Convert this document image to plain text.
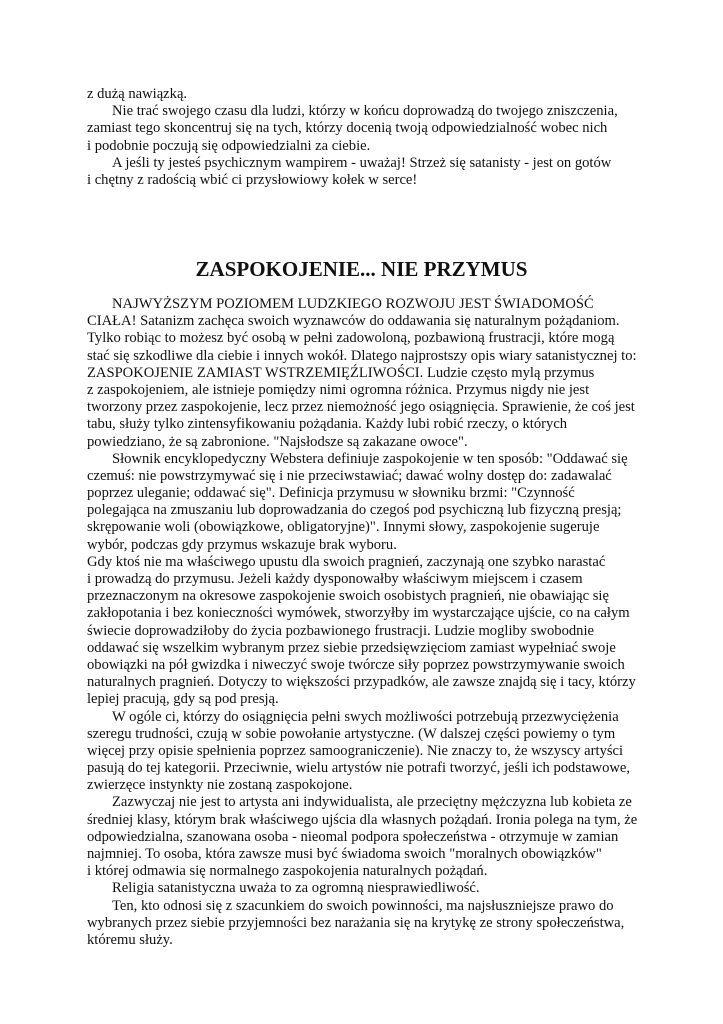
z dużą nawiązką.
Nie trać swojego czasu dla ludzi, którzy w końcu doprowadzą do twojego zniszczenia,
zamiast tego skoncentruj się na tych, którzy docenią twoją odpowiedzialność wobec nich
i podobnie poczują się odpowiedzialni za ciebie.
A jeśli ty jesteś psychicznym wampirem - uważaj! Strzeż się satanisty - jest on gotów
i chętny z radością wbić ci przysłowiowy kołek w serce!
ZASPOKOJENIE... NIE PRZYMUS
NAJWYŻSZYM POZIOMEM LUDZKIEGO ROZWOJU JEST ŚWIADOMOŚĆ
CIAŁA! Satanizm zachęca swoich wyznawców do oddawania się naturalnym pożądaniom.
Tylko robiąc to możesz być osobą w pełni zadowoloną, pozbawioną frustracji, które mogą
stać się szkodliwe dla ciebie i innych wokół. Dlatego najprostszy opis wiary satanistycznej to:
ZASPOKOJENIE ZAMIAST WSTRZEMIĘŹLIWOŚCI. Ludzie często mylą przymus
z zaspokojeniem, ale istnieje pomiędzy nimi ogromna różnica. Przymus nigdy nie jest
tworzony przez zaspokojenie, lecz przez niemożność jego osiągnięcia. Sprawienie, że coś jest
tabu, służy tylko zintensyfikowaniu pożądania. Każdy lubi robić rzeczy, o których
powiedziano, że są zabronione. "Najsłodsze są zakazane owoce".
Słownik encyklopedyczny Webstera definiuje zaspokojenie w ten sposób: "Oddawać się
czemuś: nie powstrzymywać się i nie przeciwstawiać; dawać wolny dostęp do: zadawalać
poprzez uleganie; oddawać się". Definicja przymusu w słowniku brzmi: "Czynność
polegająca na zmuszaniu lub doprowadzania do czegoś pod psychiczną lub fizyczną presją;
skrępowanie woli (obowiązkowe, obligatoryjne)". Innymi słowy, zaspokojenie sugeruje
wybór, podczas gdy przymus wskazuje brak wyboru.
Gdy ktoś nie ma właściwego upustu dla swoich pragnień, zaczynają one szybko narastać
i prowadzą do przymusu. Jeżeli każdy dysponowałby właściwym miejscem i czasem
przeznaczonym na okresowe zaspokojenie swoich osobistych pragnień, nie obawiając się
zakłopotania i bez konieczności wymówek, stworzyłby im wystarczające ujście, co na całym
świecie doprowadziłoby do życia pozbawionego frustracji. Ludzie mogliby swobodnie
oddawać się wszelkim wybranym przez siebie przedsięwzięciom zamiast wypełniać swoje
obowiązki na pół gwizdka i niweczyć swoje twórcze siły poprzez powstrzymywanie swoich
naturalnych pragnień. Dotyczy to większości przypadków, ale zawsze znajdą się i tacy, którzy
lepiej pracują, gdy są pod presją.
W ogóle ci, którzy do osiągnięcia pełni swych możliwości potrzebują przezwyciężenia
szeregu trudności, czują w sobie powołanie artystyczne. (W dalszej części powiemy o tym
więcej przy opisie spełnienia poprzez samoograniczenie). Nie znaczy to, że wszyscy artyści
pasują do tej kategorii. Przeciwnie, wielu artystów nie potrafi tworzyć, jeśli ich podstawowe,
zwierzęce instynkty nie zostaną zaspokojone.
Zazwyczaj nie jest to artysta ani indywidualista, ale przeciętny mężczyzna lub kobieta ze
średniej klasy, którym brak właściwego ujścia dla własnych pożądań. Ironia polega na tym, że
odpowiedzialna, szanowana osoba - nieomal podpora społeczeństwa - otrzymuje w zamian
najmniej. To osoba, która zawsze musi być świadoma swoich "moralnych obowiązków"
i której odmawia się normalnego zaspokojenia naturalnych pożądań.
Religia satanistyczna uważa to za ogromną niesprawiedliwość.
Ten, kto odnosi się z szacunkiem do swoich powinności, ma najsłuszniejsze prawo do
wybranych przez siebie przyjemności bez narażania się na krytykę ze strony społeczeństwa,
któremu służy.
